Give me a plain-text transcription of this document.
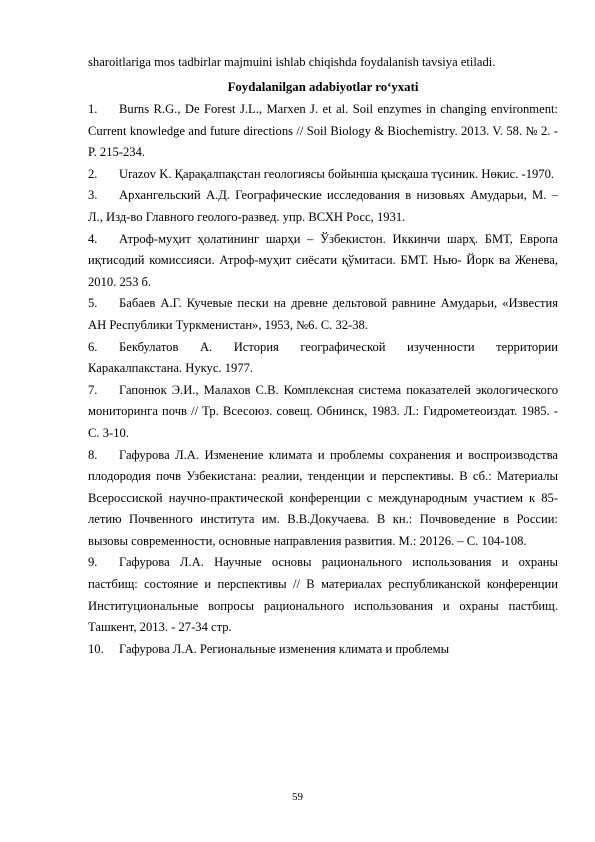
sharoitlariga mos tadbirlar majmuini ishlab chiqishda foydalanish tavsiya etiladi.
Foydalanilgan adabiyotlar ro‘yxati
1.	Burns R.G., De Forest J.L., Marxen J. et al. Soil enzymes in changing environment: Current knowledge and future directions // Soil Biology & Biochemistry. 2013. V. 58. № 2. - P. 215-234.
2.	Urazov K. Қарақалпақстан геологиясы бойынша қысқаша түсиник. Нөкис. -1970.
3.	Архангельский А.Д. Географические исследования в низовьях Амударьи, М. – Л., Изд-во Главного геолого-развед. упр. ВСХН Росс, 1931.
4.	Атроф-муҳит ҳолатининг шарҳи – Ўзбекистон. Иккинчи шарҳ. БМТ, Европа иқтисодий комиссияси. Атроф-муҳит сиёсати қўмитаси. БМТ. Нью- Йорк ва Женева, 2010. 253 б.
5.	Бабаев А.Г. Кучевые пески на древне дельтовой равнине Амударьи, «Известия АН Республики Туркменистан», 1953, №6. С. 32-38.
6.	Бекбулатов А. История географической изученности территории Каракалпакстана. Нукус. 1977.
7.	Гапонюк Э.И., Малахов С.В. Комплексная система показателей экологического мониторинга почв // Тр. Всесоюз. совещ. Обнинск, 1983. Л.: Гидрометеоиздат. 1985. - С. 3-10.
8.	Гафурова Л.А. Изменение климата и проблемы сохранения и воспроизводства плодородия почв Узбекистана: реалии, тенденции и перспективы. В сб.: Материалы Всероссиской научно-практической конференции с международным участием к 85-летию Почвенного института им. В.В.Докучаева. В кн.: Почвоведение в России: вызовы современности, основные направления развития. М.: 20126. – С. 104-108.
9.	Гафурова Л.А. Научные основы рационального использования и охраны пастбищ: состояние и перспективы // В материалах республиканской конференции Институциональные вопросы рационального использования и охраны пастбищ. Ташкент, 2013. - 27-34 стр.
10.	Гафурова Л.А. Региональные изменения климата и проблемы
59
